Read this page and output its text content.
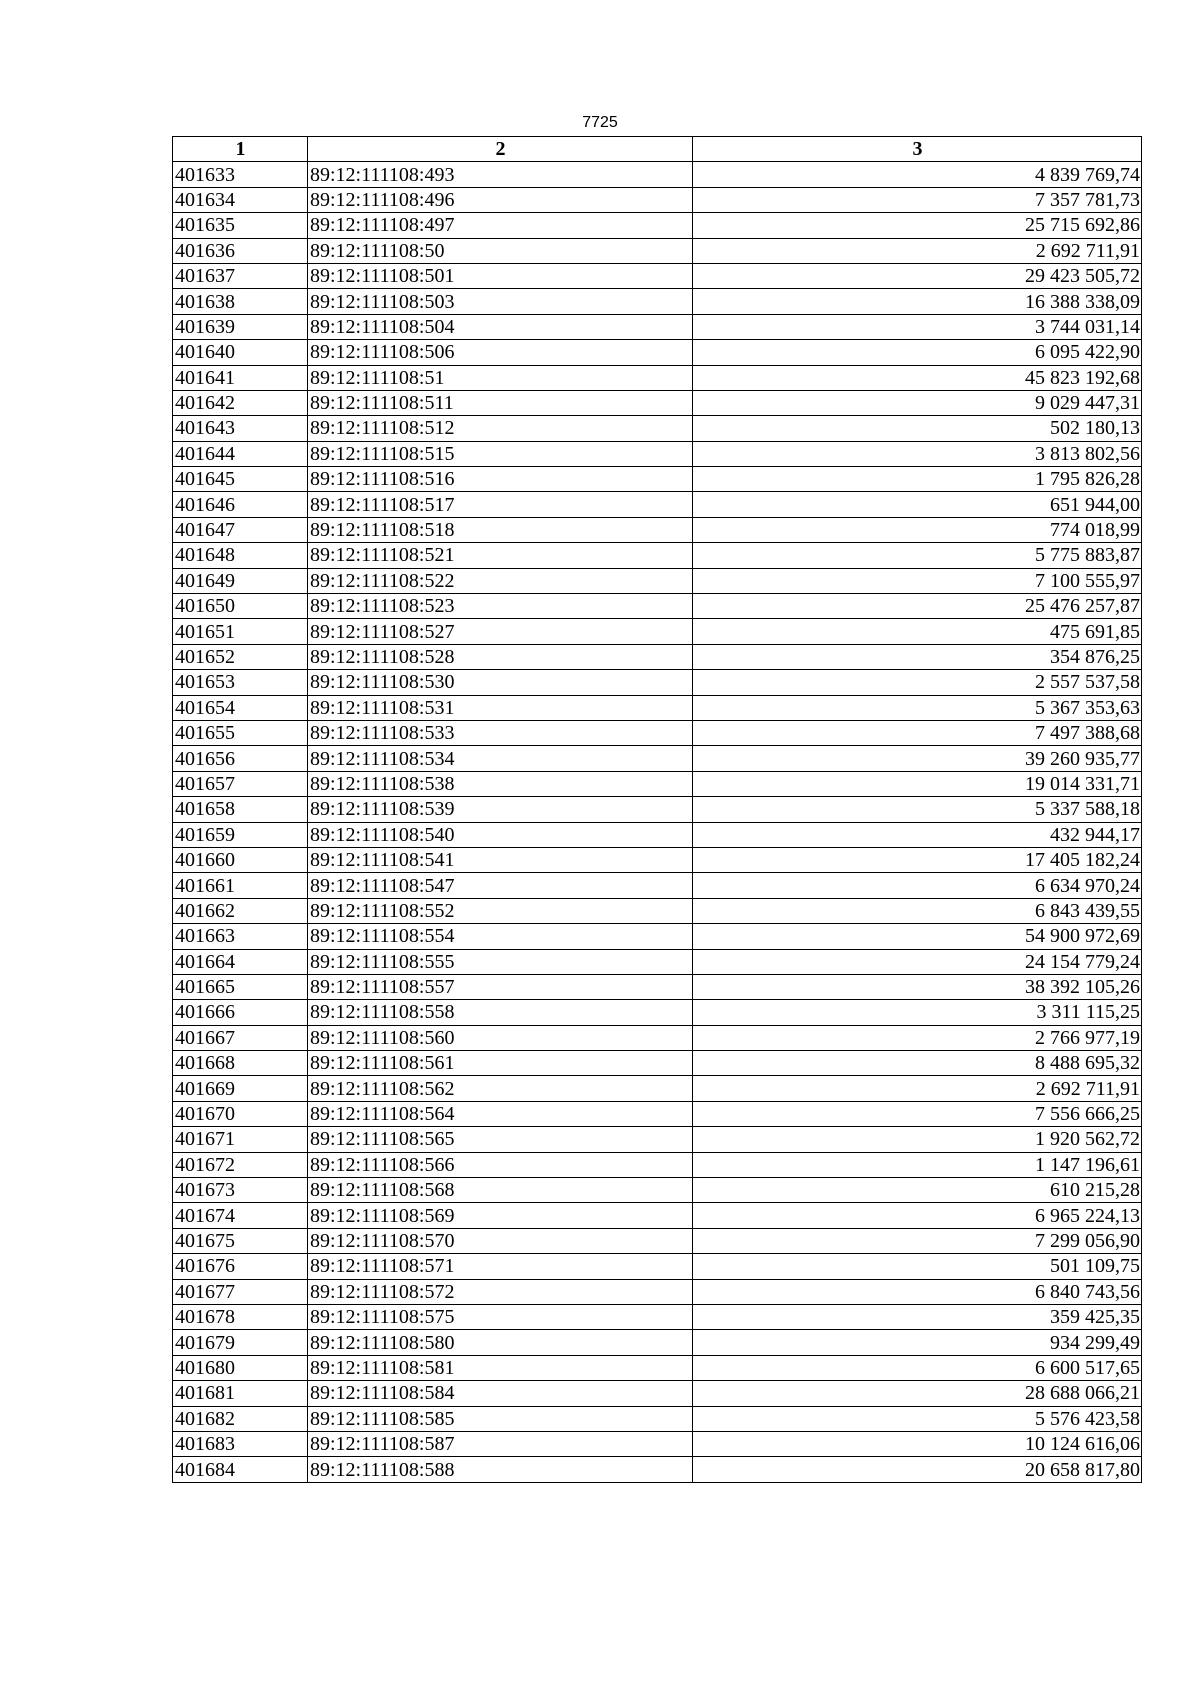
7725
1	2	3
401633	89:12:111108:493	4 839 769,74
401634	89:12:111108:496	7 357 781,73
401635	89:12:111108:497	25 715 692,86
401636	89:12:111108:50	2 692 711,91
401637	89:12:111108:501	29 423 505,72
401638	89:12:111108:503	16 388 338,09
401639	89:12:111108:504	3 744 031,14
401640	89:12:111108:506	6 095 422,90
401641	89:12:111108:51	45 823 192,68
401642	89:12:111108:511	9 029 447,31
401643	89:12:111108:512	502 180,13
401644	89:12:111108:515	3 813 802,56
401645	89:12:111108:516	1 795 826,28
401646	89:12:111108:517	651 944,00
401647	89:12:111108:518	774 018,99
401648	89:12:111108:521	5 775 883,87
401649	89:12:111108:522	7 100 555,97
401650	89:12:111108:523	25 476 257,87
401651	89:12:111108:527	475 691,85
401652	89:12:111108:528	354 876,25
401653	89:12:111108:530	2 557 537,58
401654	89:12:111108:531	5 367 353,63
401655	89:12:111108:533	7 497 388,68
401656	89:12:111108:534	39 260 935,77
401657	89:12:111108:538	19 014 331,71
401658	89:12:111108:539	5 337 588,18
401659	89:12:111108:540	432 944,17
401660	89:12:111108:541	17 405 182,24
401661	89:12:111108:547	6 634 970,24
401662	89:12:111108:552	6 843 439,55
401663	89:12:111108:554	54 900 972,69
401664	89:12:111108:555	24 154 779,24
401665	89:12:111108:557	38 392 105,26
401666	89:12:111108:558	3 311 115,25
401667	89:12:111108:560	2 766 977,19
401668	89:12:111108:561	8 488 695,32
401669	89:12:111108:562	2 692 711,91
401670	89:12:111108:564	7 556 666,25
401671	89:12:111108:565	1 920 562,72
401672	89:12:111108:566	1 147 196,61
401673	89:12:111108:568	610 215,28
401674	89:12:111108:569	6 965 224,13
401675	89:12:111108:570	7 299 056,90
401676	89:12:111108:571	501 109,75
401677	89:12:111108:572	6 840 743,56
401678	89:12:111108:575	359 425,35
401679	89:12:111108:580	934 299,49
401680	89:12:111108:581	6 600 517,65
401681	89:12:111108:584	28 688 066,21
401682	89:12:111108:585	5 576 423,58
401683	89:12:111108:587	10 124 616,06
401684	89:12:111108:588	20 658 817,80
